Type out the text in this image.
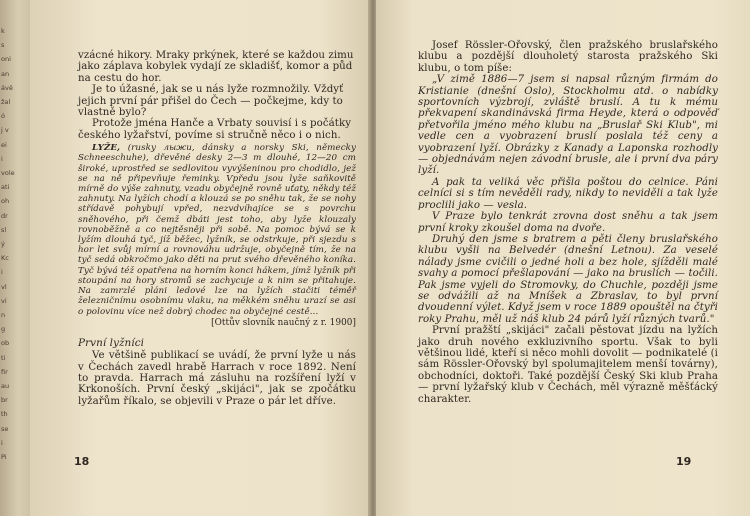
k
s
oni
an
ávě
žal
ó
j v
ei
i
vole
ati
oh
dr
sl
ý
Kc
i
vl
vi
n
g
ob
ti
fir
au
br
th
se
i
Pi

vzácné hikory. Mraky prkýnek, které se každou zimu jako záplava kobylek vydají ze skladišť, komor a půd na cestu do hor.

Je to úžasné, jak se u nás lyže rozmnožily. Vždyť jejich první pár přišel do Čech — počkejme, kdy to vlastně bylo?

Protože jména Hanče a Vrbaty souvisí i s počátky českého lyžařství, povíme si stručně něco i o nich.

LYŽE, (rusky лыжи, dánsky a norsky Ski, německy Schneeschuhe), dřevěné desky 2—3 m dlouhé, 12—20 cm široké, uprostřed se sedlovitou vyvýšeninou pro chodidlo, jež se na ně připevňuje řeminky. Vpředu jsou lyže saňkovitě mírně do výše zahnuty, vzadu obyčejně rovně uťaty, někdy též zahnuty. Na lyžích chodí a klouzá se po sněhu tak, že se nohy střídavě pohybují vpřed, nezvdvíhajíce se s povrchu sněhového, při čemž dbáti jest toho, aby lyže klouzaly rovnoběžně a co nejtěsněji při sobě. Na pomoc bývá se k lyžím dlouhá tyč, jíž běžec, lyžník, se odstrkuje, při sjezdu s hor let svůj mírní a rovnováhu udržuje, obyčejně tím, že na tyč sedá obkročmo jako děti na prut svého dřevěného koníka. Tyč bývá též opatřena na horním konci hákem, jímž lyžník při stoupání na hory stromů se zachycuje a k nim se přitahuje. Na zamrzlé pláni ledové lze na lyžích stačiti téměř železničnímu osobnímu vlaku, na měkkém sněhu urazí se asi o polovinu více než dobrý chodec na obyčejné cestě…
[Ottův slovník naučný z r. 1900]
První lyžníci

Ve většině publikací se uvádí, že první lyže u nás v Čechách zavedl hrabě Harrach v roce 1892. Není to pravda. Harrach má zásluhu na rozšíření lyží v Krkonoších. První český „skijáci", jak se zpočátku lyžařům říkalo, se objevili v Praze o pár let dříve.

18

Josef Rössler-Ořovský, člen pražského bruslařského klubu a pozdější dlouholetý starosta pražského Ski klubu, o tom píše:

„V zimě 1886—7 jsem si napsal různým firmám do Kristianie (dnešní Oslo), Stockholmu atd. o nabídky sportovních výzbrojí, zvláště bruslí. A tu k mému překvapení skandinávská firma Heyde, která o odpověď přetvořila jméno mého klubu na „Bruslař Ski Klub", mi vedle cen a vyobrazení bruslí poslala též ceny a vyobrazení lyží. Obrázky z Kanady a Laponska rozhodly — objednávám nejen závodní brusle, ale i první dva páry lyží.

A pak ta veliká věc přišla poštou do celnice. Páni celníci si s tím nevěděli rady, nikdy to neviděli a tak lyže proclili jako — vesla.

V Praze bylo tenkrát zrovna dost sněhu a tak jsem první kroky zkoušel doma na dvoře.

Druhý den jsme s bratrem a pěti členy bruslařského klubu vyšli na Belvedér (dnešní Letnou). Za veselé nálady jsme cvičili o jedné holi a bez hole, sjížděli malé svahy a pomocí přešlapování — jako na bruslích — točili. Pak jsme vyjeli do Stromovky, do Chuchle, později jsme se odvážili až na Mníšek a Zbraslav, to byl první dvoudenní výlet. Když jsem v roce 1889 opouštěl na čtyři roky Prahu, měl už náš klub 24 párů lyží různých tvarů."

První pražští „skijáci" začali pěstovat jízdu na lyžích jako druh nového exkluzivního sportu. Však to byli většinou lidé, kteří si něco mohli dovolit — podnikatelé (i sám Rössler-Ořovský byl spolumajitelem menší továrny), obchodníci, doktoři. Také pozdější Český Ski klub Praha — první lyžařský klub v Čechách, měl výrazně měšťácký charakter.

19
